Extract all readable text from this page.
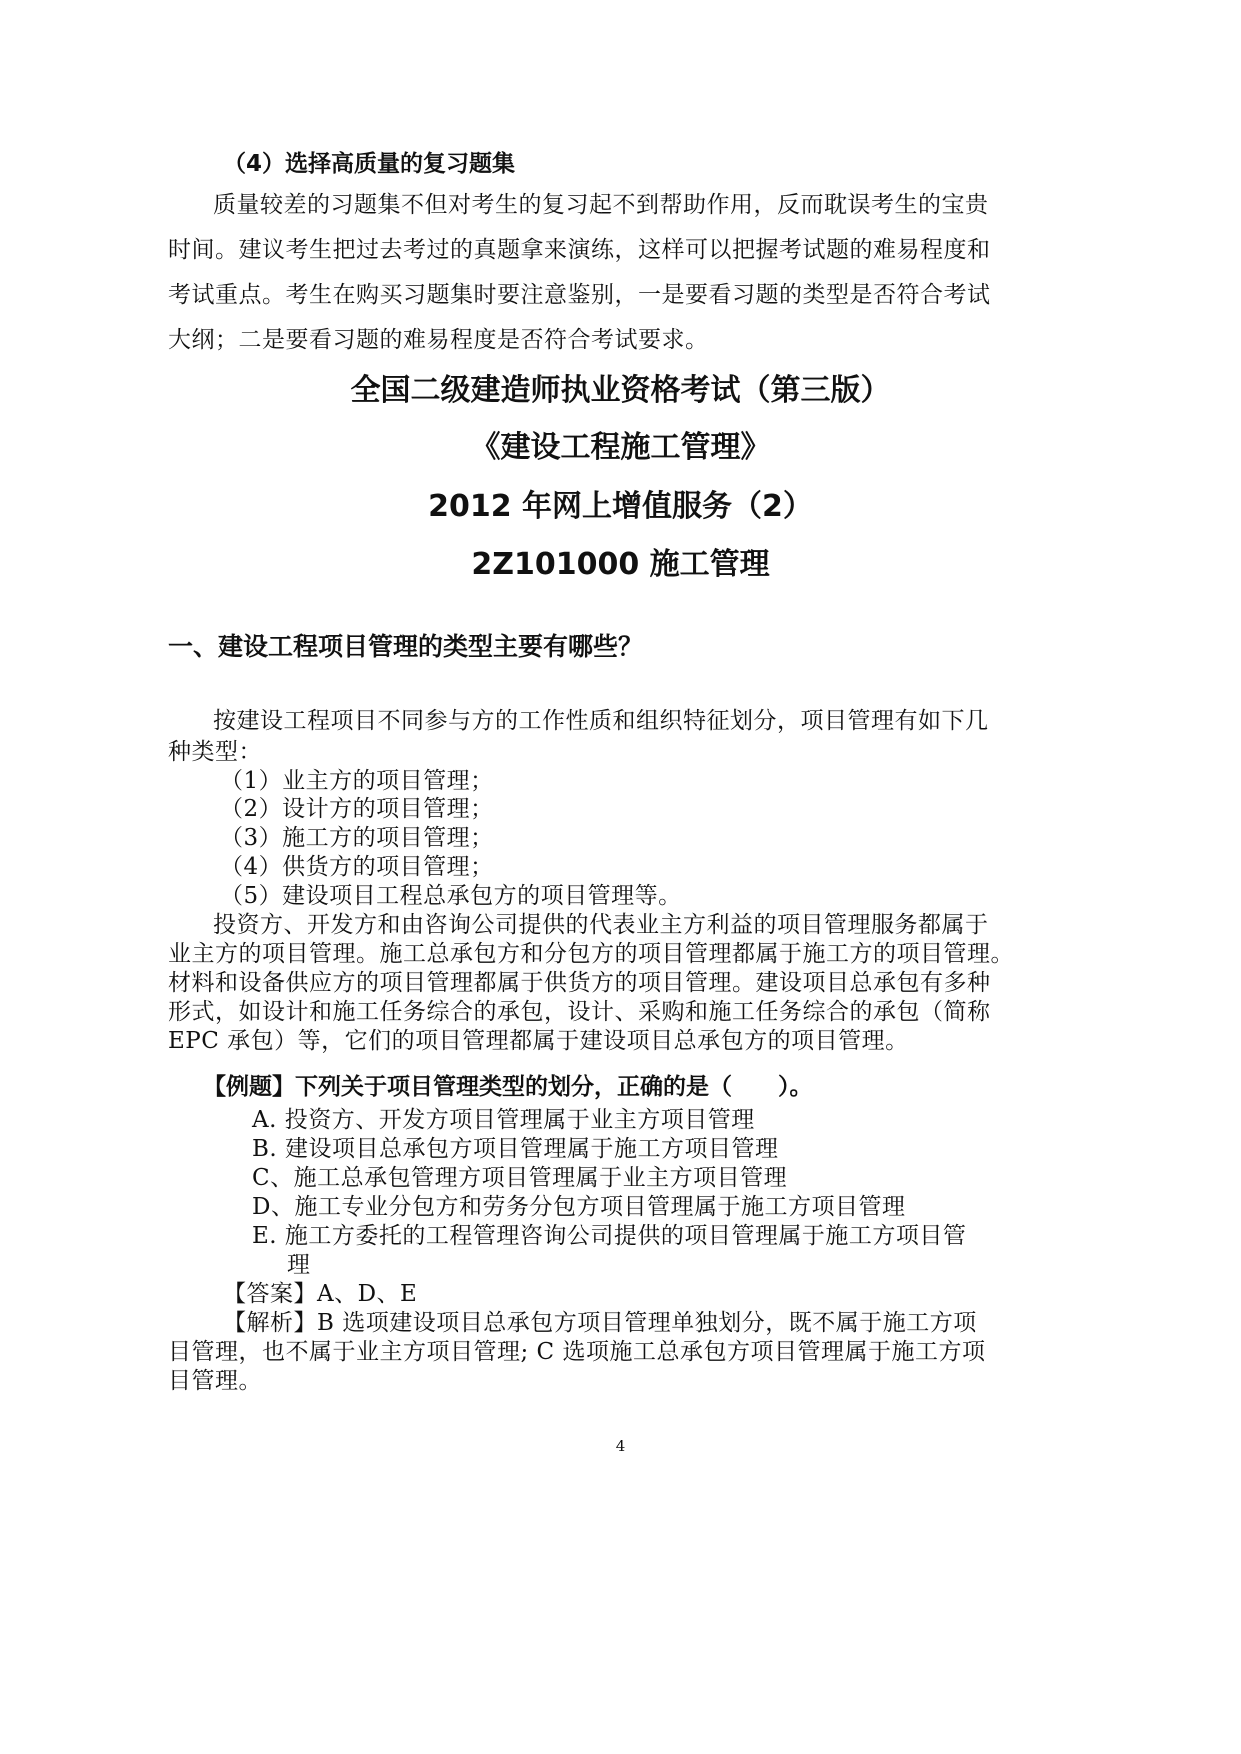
（4）选择高质量的复习题集

质量较差的习题集不但对考生的复习起不到帮助作用，反而耽误考生的宝贵

时间。建议考生把过去考过的真题拿来演练，这样可以把握考试题的难易程度和

考试重点。考生在购买习题集时要注意鉴别，一是要看习题的类型是否符合考试

大纲；二是要看习题的难易程度是否符合考试要求。

全国二级建造师执业资格考试（第三版）

《建设工程施工管理》

2012 年网上增值服务（2）

2Z101000 施工管理

一、建设工程项目管理的类型主要有哪些？

按建设工程项目不同参与方的工作性质和组织特征划分，项目管理有如下几

种类型：

（1）业主方的项目管理；

（2）设计方的项目管理；

（3）施工方的项目管理；

（4）供货方的项目管理；

（5）建设项目工程总承包方的项目管理等。

投资方、开发方和由咨询公司提供的代表业主方利益的项目管理服务都属于

业主方的项目管理。施工总承包方和分包方的项目管理都属于施工方的项目管理。

材料和设备供应方的项目管理都属于供货方的项目管理。建设项目总承包有多种

形式，如设计和施工任务综合的承包，设计、采购和施工任务综合的承包（简称

EPC 承包）等，它们的项目管理都属于建设项目总承包方的项目管理。

【例题】下列关于项目管理类型的划分，正确的是（　　）。

A. 投资方、开发方项目管理属于业主方项目管理

B. 建设项目总承包方项目管理属于施工方项目管理

C、施工总承包管理方项目管理属于业主方项目管理

D、施工专业分包方和劳务分包方项目管理属于施工方项目管理

E. 施工方委托的工程管理咨询公司提供的项目管理属于施工方项目管

理

【答案】A、D、E

【解析】B 选项建设项目总承包方项目管理单独划分，既不属于施工方项

目管理，也不属于业主方项目管理; C 选项施工总承包方项目管理属于施工方项

目管理。

4
